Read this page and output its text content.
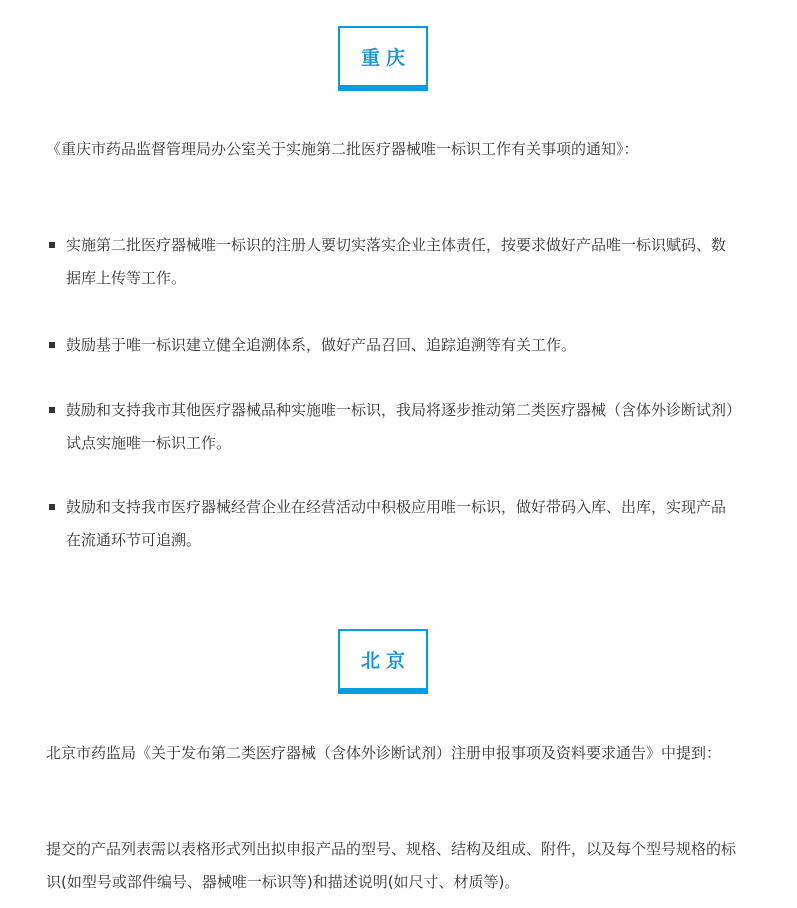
重庆

《重庆市药品监督管理局办公室关于实施第二批医疗器械唯一标识工作有关事项的通知》：

实施第二批医疗器械唯一标识的注册人要切实落实企业主体责任，按要求做好产品唯一标识赋码、数据库上传等工作。
鼓励基于唯一标识建立健全追溯体系，做好产品召回、追踪追溯等有关工作。
鼓励和支持我市其他医疗器械品种实施唯一标识，我局将逐步推动第二类医疗器械（含体外诊断试剂）试点实施唯一标识工作。
鼓励和支持我市医疗器械经营企业在经营活动中积极应用唯一标识，做好带码入库、出库，实现产品在流通环节可追溯。
北京

北京市药监局《关于发布第二类医疗器械（含体外诊断试剂）注册申报事项及资料要求通告》中提到：

提交的产品列表需以表格形式列出拟申报产品的型号、规格、结构及组成、附件，以及每个型号规格的标识(如型号或部件编号、器械唯一标识等)和描述说明(如尺寸、材质等)。
